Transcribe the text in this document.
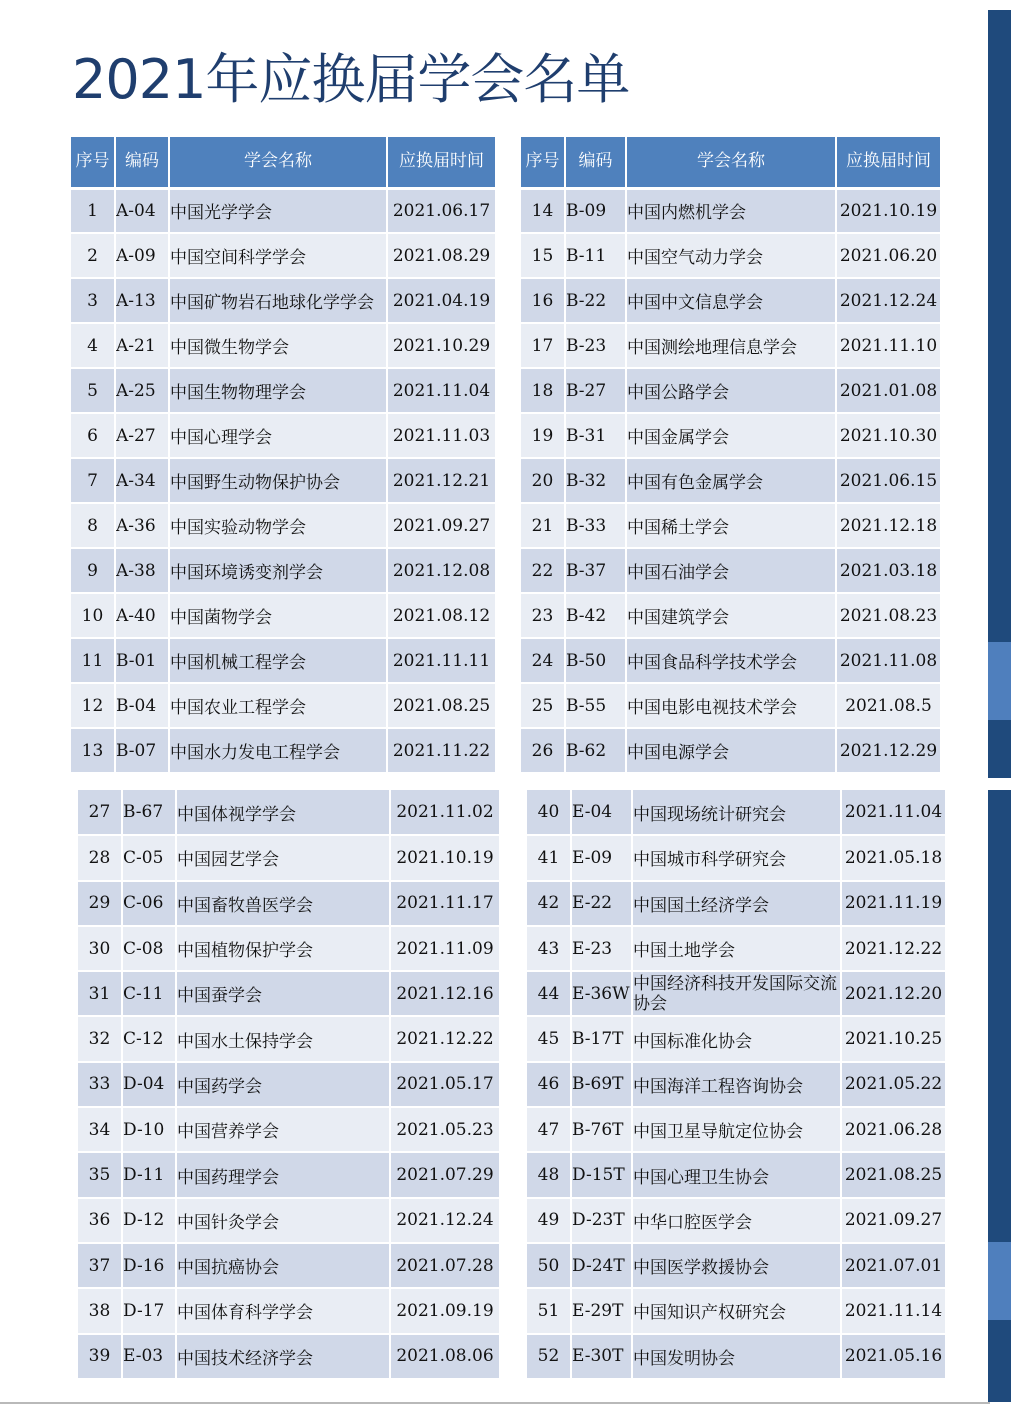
2021年应换届学会名单
序号	编码	学会名称	应换届时间
1	A-04	中国光学学会	2021.06.17
2	A-09	中国空间科学学会	2021.08.29
3	A-13	中国矿物岩石地球化学学会	2021.04.19
4	A-21	中国微生物学会	2021.10.29
5	A-25	中国生物物理学会	2021.11.04
6	A-27	中国心理学会	2021.11.03
7	A-34	中国野生动物保护协会	2021.12.21
8	A-36	中国实验动物学会	2021.09.27
9	A-38	中国环境诱变剂学会	2021.12.08
10	A-40	中国菌物学会	2021.08.12
11	B-01	中国机械工程学会	2021.11.11
12	B-04	中国农业工程学会	2021.08.25
13	B-07	中国水力发电工程学会	2021.11.22
序号	编码	学会名称	应换届时间
14	B-09	中国内燃机学会	2021.10.19
15	B-11	中国空气动力学会	2021.06.20
16	B-22	中国中文信息学会	2021.12.24
17	B-23	中国测绘地理信息学会	2021.11.10
18	B-27	中国公路学会	2021.01.08
19	B-31	中国金属学会	2021.10.30
20	B-32	中国有色金属学会	2021.06.15
21	B-33	中国稀土学会	2021.12.18
22	B-37	中国石油学会	2021.03.18
23	B-42	中国建筑学会	2021.08.23
24	B-50	中国食品科学技术学会	2021.11.08
25	B-55	中国电影电视技术学会	2021.08.5
26	B-62	中国电源学会	2021.12.29
27	B-67	中国体视学学会	2021.11.02
28	C-05	中国园艺学会	2021.10.19
29	C-06	中国畜牧兽医学会	2021.11.17
30	C-08	中国植物保护学会	2021.11.09
31	C-11	中国蚕学会	2021.12.16
32	C-12	中国水土保持学会	2021.12.22
33	D-04	中国药学会	2021.05.17
34	D-10	中国营养学会	2021.05.23
35	D-11	中国药理学会	2021.07.29
36	D-12	中国针灸学会	2021.12.24
37	D-16	中国抗癌协会	2021.07.28
38	D-17	中国体育科学学会	2021.09.19
39	E-03	中国技术经济学会	2021.08.06
40	E-04	中国现场统计研究会	2021.11.04
41	E-09	中国城市科学研究会	2021.05.18
42	E-22	中国国土经济学会	2021.11.19
43	E-23	中国土地学会	2021.12.22
44	E-36W	中国经济科技开发国际交流协会	2021.12.20
45	B-17T	中国标准化协会	2021.10.25
46	B-69T	中国海洋工程咨询协会	2021.05.22
47	B-76T	中国卫星导航定位协会	2021.06.28
48	D-15T	中国心理卫生协会	2021.08.25
49	D-23T	中华口腔医学会	2021.09.27
50	D-24T	中国医学救援协会	2021.07.01
51	E-29T	中国知识产权研究会	2021.11.14
52	E-30T	中国发明协会	2021.05.16
